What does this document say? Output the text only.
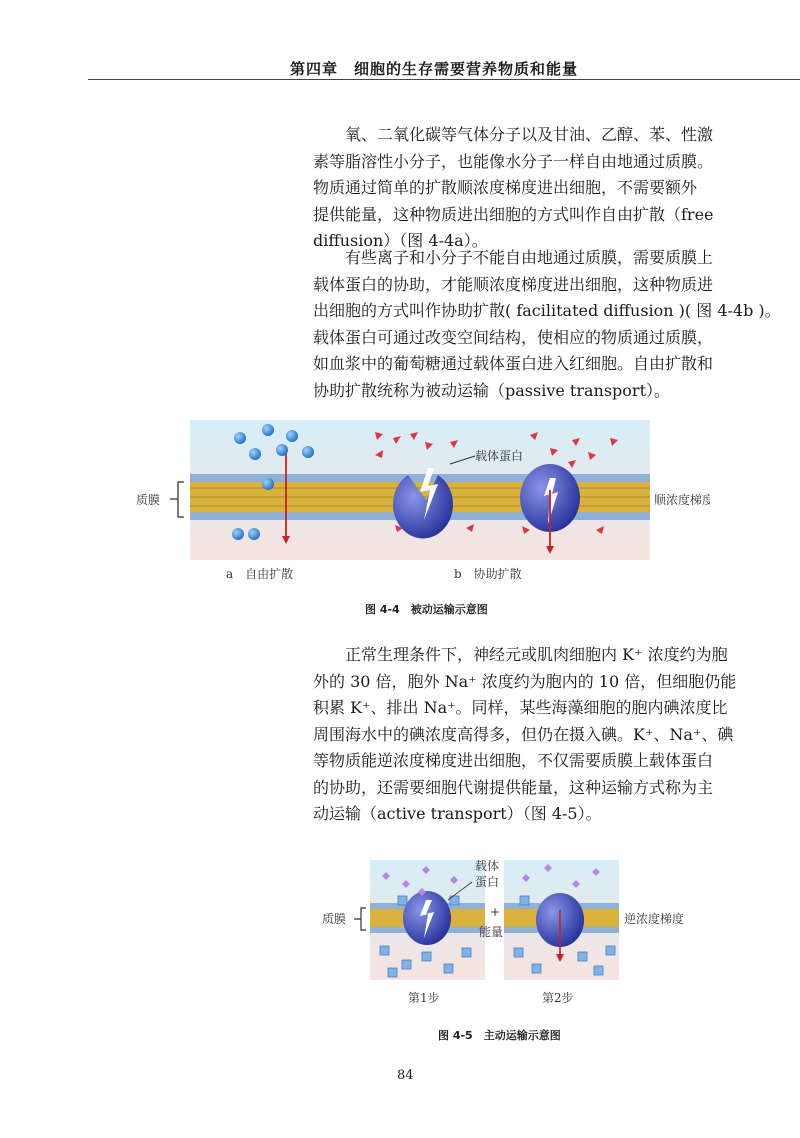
第四章　细胞的生存需要营养物质和能量
氧、二氧化碳等气体分子以及甘油、乙醇、苯、性激
素等脂溶性小分子，也能像水分子一样自由地通过质膜。
物质通过简单的扩散顺浓度梯度进出细胞，不需要额外
提供能量，这种物质进出细胞的方式叫作自由扩散（free
diffusion）（图 4-4a）。
有些离子和小分子不能自由地通过质膜，需要质膜上
载体蛋白的协助，才能顺浓度梯度进出细胞，这种物质进
出细胞的方式叫作协助扩散( facilitated diffusion )( 图 4-4b )。
载体蛋白可通过改变空间结构，使相应的物质通过质膜，
如血浆中的葡萄糖通过载体蛋白进入红细胞。自由扩散和
协助扩散统称为被动运输（passive transport）。
质膜
载体蛋白
顺浓度梯度
a　自由扩散	b　协助扩散
图 4-4　被动运输示意图
正常生理条件下，神经元或肌肉细胞内 K⁺ 浓度约为胞
外的 30 倍，胞外 Na⁺ 浓度约为胞内的 10 倍，但细胞仍能
积累 K⁺、排出 Na⁺。同样，某些海藻细胞的胞内碘浓度比
周围海水中的碘浓度高得多，但仍在摄入碘。K⁺、Na⁺、碘
等物质能逆浓度梯度进出细胞，不仅需要质膜上载体蛋白
的协助，还需要细胞代谢提供能量，这种运输方式称为主
动运输（active transport）（图 4-5）。
质膜
载体
蛋白
+
能量
逆浓度梯度
第1步	第2步
图 4-5　主动运输示意图
84
